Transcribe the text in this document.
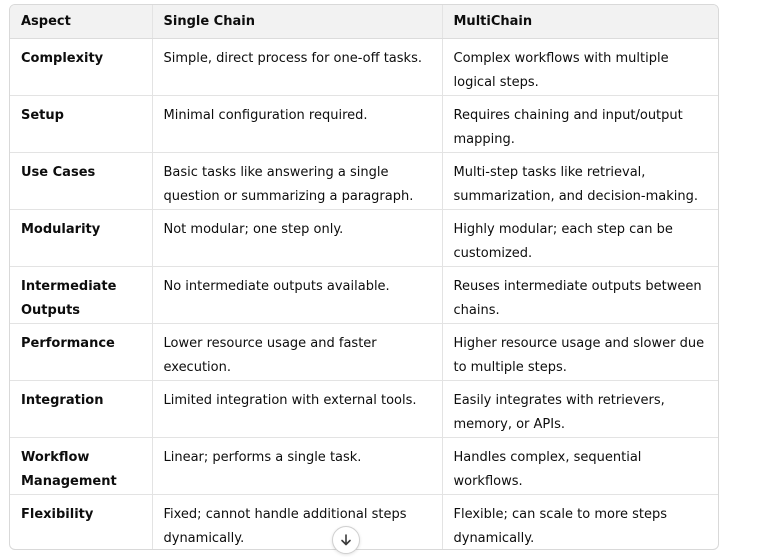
Aspect	Single Chain	MultiChain
Complexity	Simple, direct process for one-off tasks.	Complex workflows with multiple logical steps.
Setup	Minimal configuration required.	Requires chaining and input/output mapping.
Use Cases	Basic tasks like answering a single question or summarizing a paragraph.	Multi-step tasks like retrieval, summarization, and decision-making.
Modularity	Not modular; one step only.	Highly modular; each step can be customized.
Intermediate Outputs	No intermediate outputs available.	Reuses intermediate outputs between chains.
Performance	Lower resource usage and faster execution.	Higher resource usage and slower due to multiple steps.
Integration	Limited integration with external tools.	Easily integrates with retrievers, memory, or APIs.
Workflow Management	Linear; performs a single task.	Handles complex, sequential workflows.
Flexibility	Fixed; cannot handle additional steps dynamically.	Flexible; can scale to more steps dynamically.
